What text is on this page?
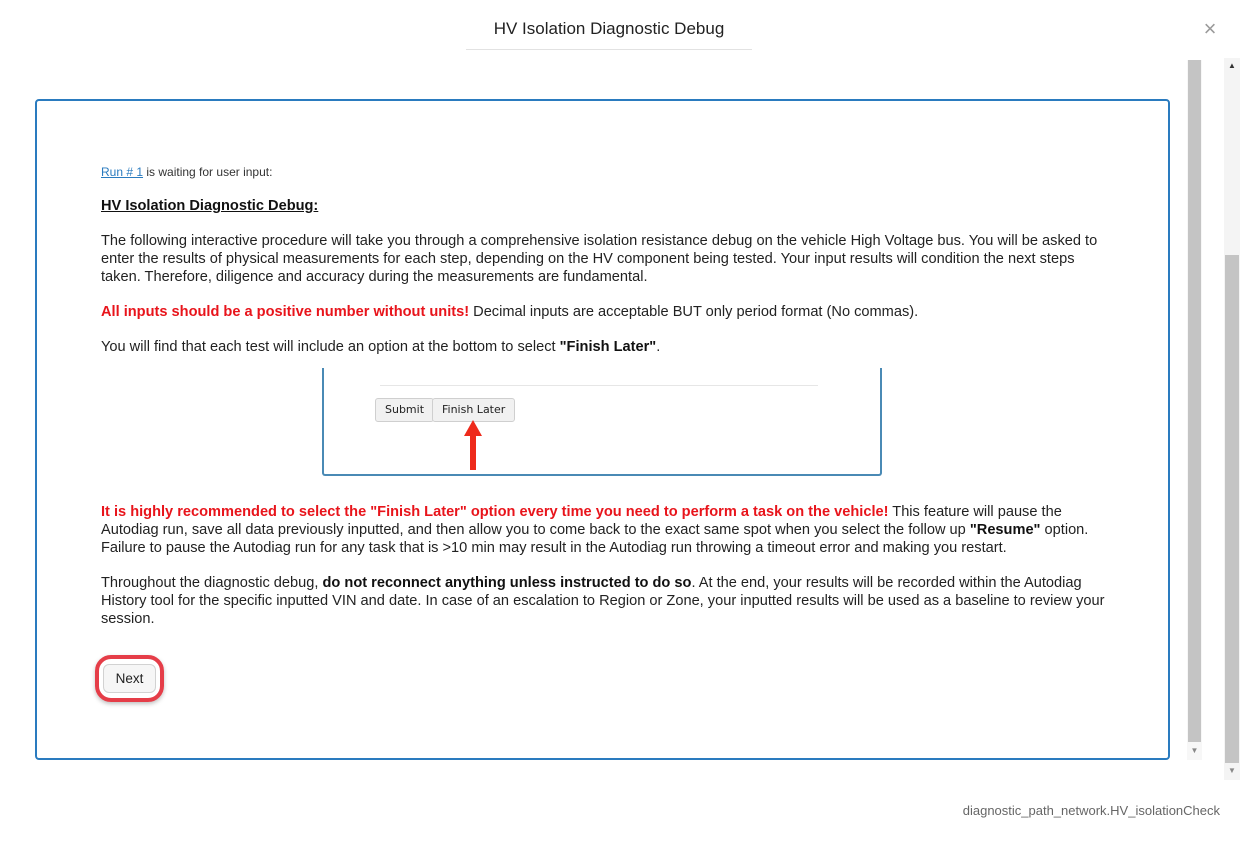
HV Isolation Diagnostic Debug	×
▼
▲
▼
Run # 1 is waiting for user input:
HV Isolation Diagnostic Debug:

The following interactive procedure will take you through a comprehensive isolation resistance debug on the vehicle High Voltage bus. You will be asked to enter the results of physical measurements for each step, depending on the HV component being tested. Your input results will condition the next steps taken. Therefore, diligence and accuracy during the measurements are fundamental.

All inputs should be a positive number without units! Decimal inputs are acceptable BUT only period format (No commas).

You will find that each test will include an option at the bottom to select "Finish Later".

Submit	Finish Later

It is highly recommended to select the "Finish Later" option every time you need to perform a task on the vehicle! This feature will pause the Autodiag run, save all data previously inputted, and then allow you to come back to the exact same spot when you select the follow up "Resume" option. Failure to pause the Autodiag run for any task that is >10 min may result in the Autodiag run throwing a timeout error and making you restart.

Throughout the diagnostic debug, do not reconnect anything unless instructed to do so. At the end, your results will be recorded within the Autodiag History tool for the specific inputted VIN and date. In case of an escalation to Region or Zone, your inputted results will be used as a baseline to review your session.

Next
diagnostic_path_network.HV_isolationCheck
